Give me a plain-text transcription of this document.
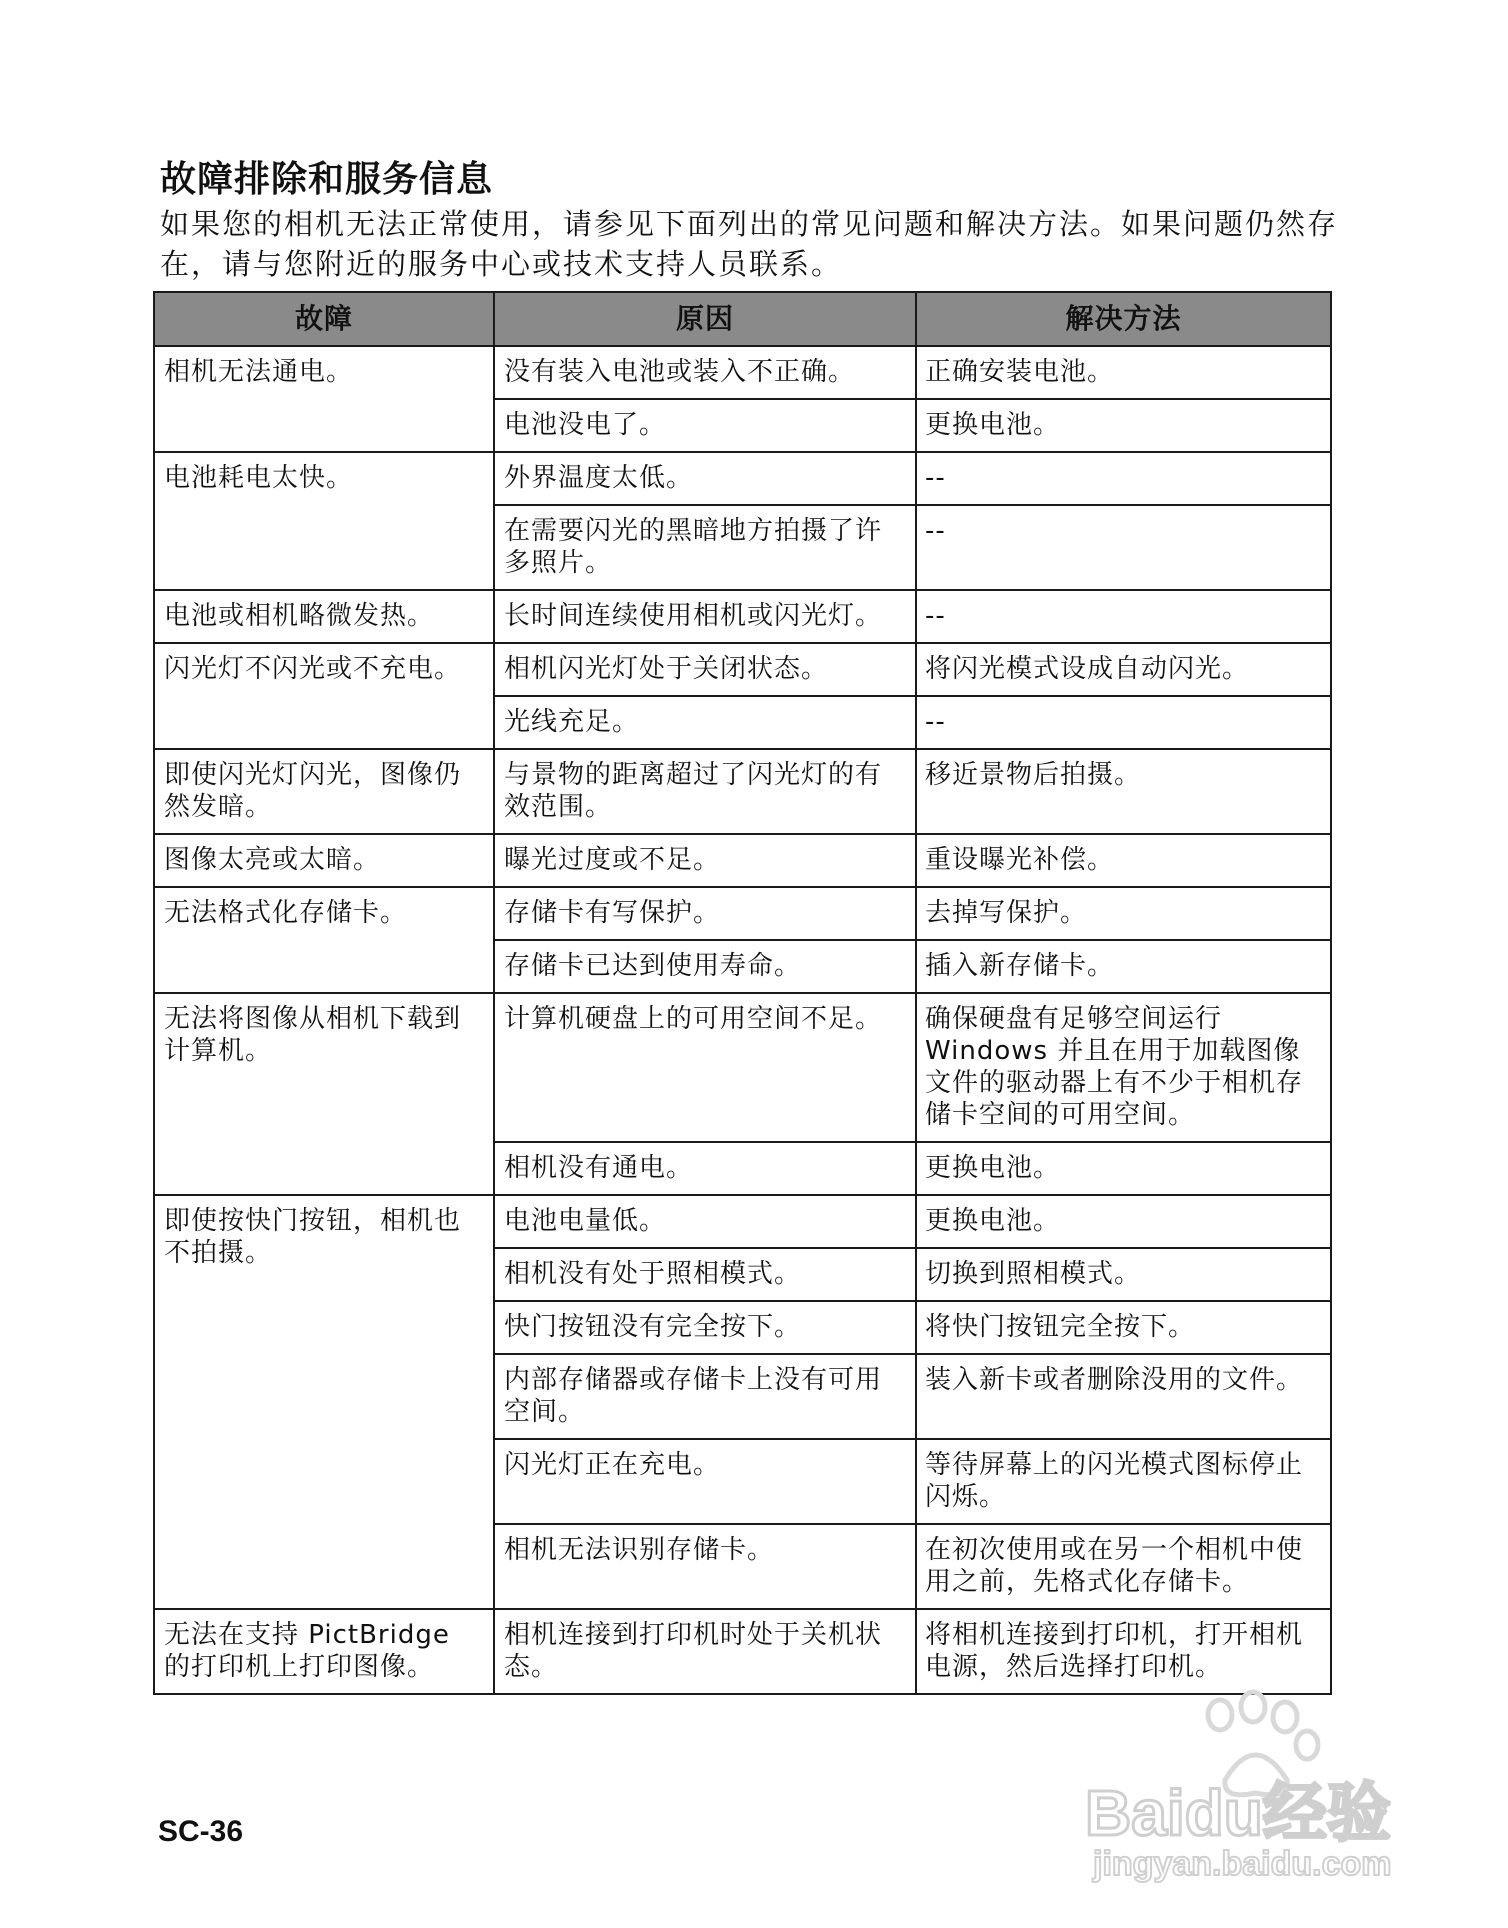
故障排除和服务信息

如果您的相机无法正常使用，请参见下面列出的常见问题和解决方法。如果问题仍然存在，请与您附近的服务中心或技术支持人员联系。

故障	原因	解决方法
相机无法通电。	没有装入电池或装入不正确。	正确安装电池。
	电池没电了。	更换电池。
电池耗电太快。	外界温度太低。	--
	在需要闪光的黑暗地方拍摄了许多照片。	--
电池或相机略微发热。	长时间连续使用相机或闪光灯。	--
闪光灯不闪光或不充电。	相机闪光灯处于关闭状态。	将闪光模式设成自动闪光。
	光线充足。	--
即使闪光灯闪光，图像仍然发暗。	与景物的距离超过了闪光灯的有效范围。	移近景物后拍摄。
图像太亮或太暗。	曝光过度或不足。	重设曝光补偿。
无法格式化存储卡。	存储卡有写保护。	去掉写保护。
	存储卡已达到使用寿命。	插入新存储卡。
无法将图像从相机下载到计算机。	计算机硬盘上的可用空间不足。	确保硬盘有足够空间运行 Windows 并且在用于加载图像文件的驱动器上有不少于相机存储卡空间的可用空间。
	相机没有通电。	更换电池。
即使按快门按钮，相机也不拍摄。	电池电量低。	更换电池。
	相机没有处于照相模式。	切换到照相模式。
	快门按钮没有完全按下。	将快门按钮完全按下。
	内部存储器或存储卡上没有可用空间。	装入新卡或者删除没用的文件。
	闪光灯正在充电。	等待屏幕上的闪光模式图标停止闪烁。
	相机无法识别存储卡。	在初次使用或在另一个相机中使用之前，先格式化存储卡。
无法在支持 PictBridge 的打印机上打印图像。	相机连接到打印机时处于关机状态。	将相机连接到打印机，打开相机电源，然后选择打印机。

SC-36	Baidu经验
jingyan.baidu.com
